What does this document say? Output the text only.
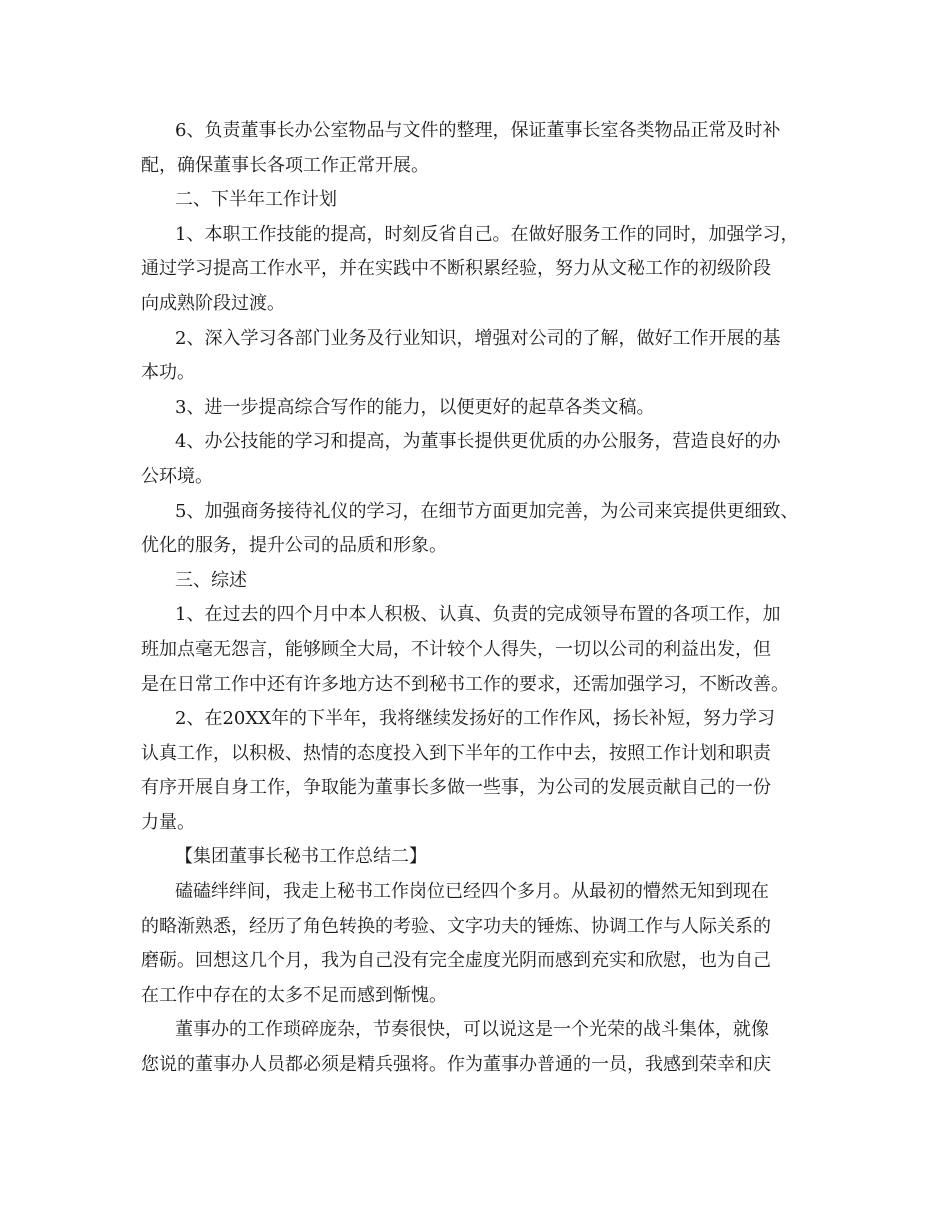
6、负责董事长办公室物品与文件的整理，保证董事长室各类物品正常及时补
配，确保董事长各项工作正常开展。
二、下半年工作计划
1、本职工作技能的提高，时刻反省自己。在做好服务工作的同时，加强学习，
通过学习提高工作水平，并在实践中不断积累经验，努力从文秘工作的初级阶段
向成熟阶段过渡。
2、深入学习各部门业务及行业知识，增强对公司的了解，做好工作开展的基
本功。
3、进一步提高综合写作的能力，以便更好的起草各类文稿。
4、办公技能的学习和提高，为董事长提供更优质的办公服务，营造良好的办
公环境。
5、加强商务接待礼仪的学习，在细节方面更加完善，为公司来宾提供更细致、
优化的服务，提升公司的品质和形象。
三、综述
1、在过去的四个月中本人积极、认真、负责的完成领导布置的各项工作，加
班加点毫无怨言，能够顾全大局，不计较个人得失，一切以公司的利益出发，但
是在日常工作中还有许多地方达不到秘书工作的要求，还需加强学习，不断改善。
2、在20XX年的下半年，我将继续发扬好的工作作风，扬长补短，努力学习
认真工作，以积极、热情的态度投入到下半年的工作中去，按照工作计划和职责
有序开展自身工作，争取能为董事长多做一些事，为公司的发展贡献自己的一份
力量。
【集团董事长秘书工作总结二】
磕磕绊绊间，我走上秘书工作岗位已经四个多月。从最初的懵然无知到现在
的略渐熟悉，经历了角色转换的考验、文字功夫的锤炼、协调工作与人际关系的
磨砺。回想这几个月，我为自己没有完全虚度光阴而感到充实和欣慰，也为自己
在工作中存在的太多不足而感到惭愧。
董事办的工作琐碎庞杂，节奏很快，可以说这是一个光荣的战斗集体，就像
您说的董事办人员都必须是精兵强将。作为董事办普通的一员，我感到荣幸和庆
